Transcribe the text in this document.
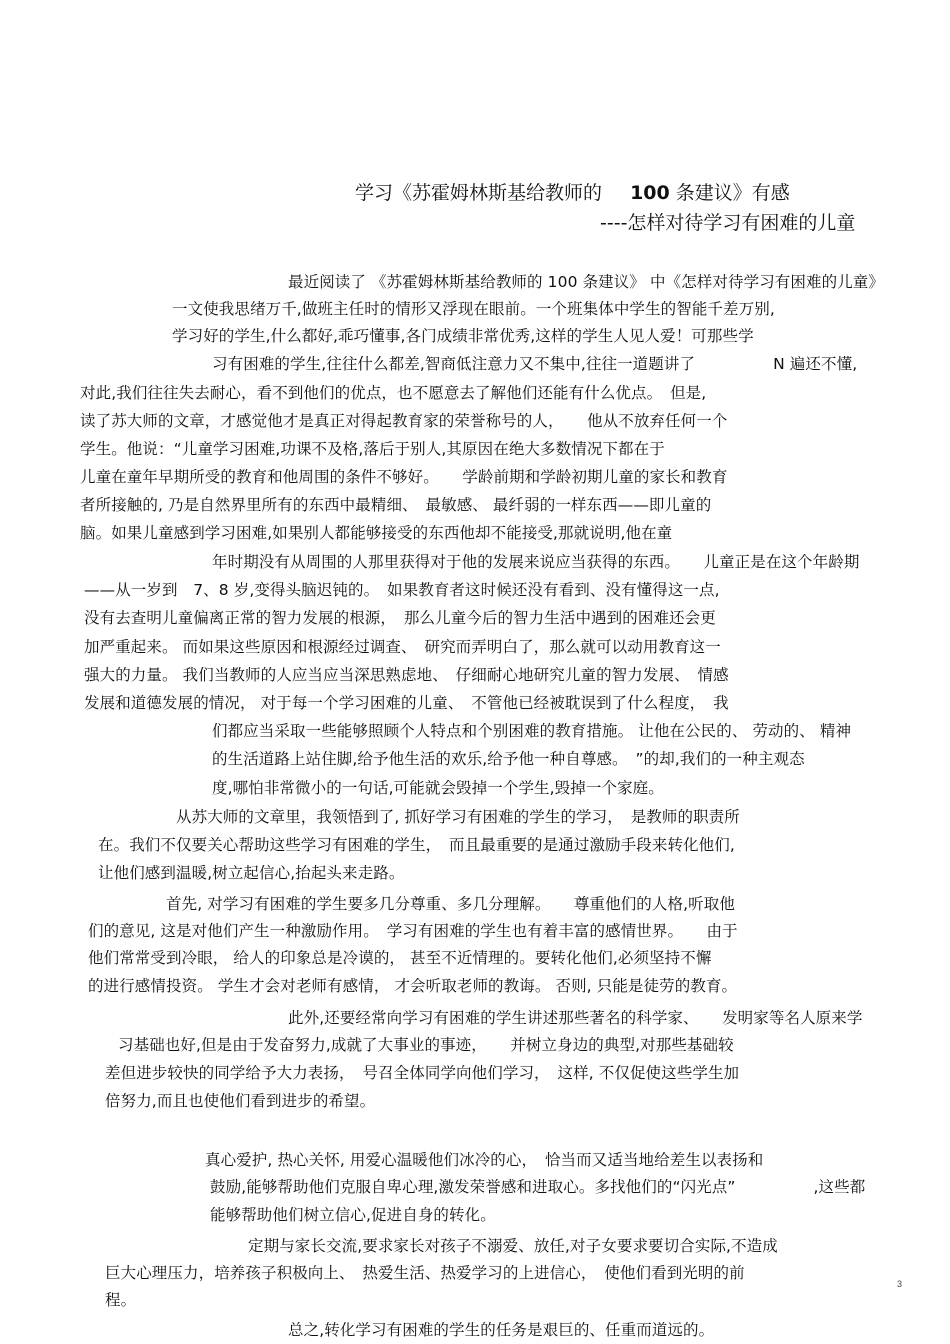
学习《苏霍姆林斯基给教师的 100 条建议》有感
----怎样对待学习有困难的儿童
最近阅读了 《苏霍姆林斯基给教师的 100 条建议》 中《怎样对待学习有困难的儿童》
一文使我思绪万千,做班主任时的情形又浮现在眼前。一个班集体中学生的智能千差万别,
学习好的学生,什么都好,乖巧懂事,各门成绩非常优秀,这样的学生人见人爱！可那些学
习有困难的学生,往往什么都差,智商低注意力又不集中,往往一道题讲了　　　　　N 遍还不懂,
对此,我们往往失去耐心，看不到他们的优点，也不愿意去了解他们还能有什么优点。　但是,
读了苏大师的文章，才感觉他才是真正对得起教育家的荣誉称号的人，　　他从不放弃任何一个
学生。他说：“儿童学习困难,功课不及格,落后于别人,其原因在绝大多数情况下都在于
儿童在童年早期所受的教育和他周围的条件不够好。　　学龄前期和学龄初期儿童的家长和教育
者所接触的, 乃是自然界里所有的东西中最精细、　最敏感、 最纤弱的一样东西——即儿童的
脑。如果儿童感到学习困难,如果别人都能够接受的东西他却不能接受,那就说明,他在童
年时期没有从周围的人那里获得对于他的发展来说应当获得的东西。　　儿童正是在这个年龄期
——从一岁到　7、8 岁,变得头脑迟钝的。　如果教育者这时候还没有看到、没有懂得这一点,
没有去查明儿童偏离正常的智力发展的根源，　那么儿童今后的智力生活中遇到的困难还会更
加严重起来。 而如果这些原因和根源经过调查、　研究而弄明白了，那么就可以动用教育这一
强大的力量。 我们当教师的人应当应当深思熟虑地、　仔细耐心地研究儿童的智力发展、　情感
发展和道德发展的情况， 对于每一个学习困难的儿童、　不管他已经被耽误到了什么程度，　我
们都应当采取一些能够照顾个人特点和个别困难的教育措施。 让他在公民的、 劳动的、 精神
的生活道路上站住脚,给予他生活的欢乐,给予他一种自尊感。　”的却,我们的一种主观态
度,哪怕非常微小的一句话,可能就会毁掉一个学生,毁掉一个家庭。
从苏大师的文章里，我领悟到了, 抓好学习有困难的学生的学习，　是教师的职责所
在。我们不仅要关心帮助这些学习有困难的学生，　而且最重要的是通过激励手段来转化他们,
让他们感到温暖,树立起信心,抬起头来走路。
首先, 对学习有困难的学生要多几分尊重、多几分理解。　　尊重他们的人格,听取他
们的意见, 这是对他们产生一种激励作用。　学习有困难的学生也有着丰富的感情世界。　　由于
他们常常受到冷眼， 给人的印象总是冷谟的， 甚至不近情理的。要转化他们,必须坚持不懈
的进行感情投资。 学生才会对老师有感情， 才会听取老师的教诲。 否则, 只能是徒劳的教育。
此外,还要经常向学习有困难的学生讲述那些著名的科学家、　　发明家等名人原来学
习基础也好,但是由于发奋努力,成就了大事业的事迹，　　并树立身边的典型,对那些基础较
差但进步较快的同学给予大力表扬，　号召全体同学向他们学习，　这样, 不仅促使这些学生加
倍努力,而且也使他们看到进步的希望。
真心爱护, 热心关怀, 用爱心温暖他们冰冷的心，　恰当而又适当地给差生以表扬和
鼓励,能够帮助他们克服自卑心理,激发荣誉感和进取心。多找他们的“闪光点”　　　　　,这些都
能够帮助他们树立信心,促进自身的转化。
定期与家长交流,要求家长对孩子不溺爱、放任,对子女要求要切合实际,不造成
巨大心理压力，培养孩子积极向上、　热爱生活、热爱学习的上进信心，　使他们看到光明的前
程。
总之,转化学习有困难的学生的任务是艰巨的、任重而道远的。
3
